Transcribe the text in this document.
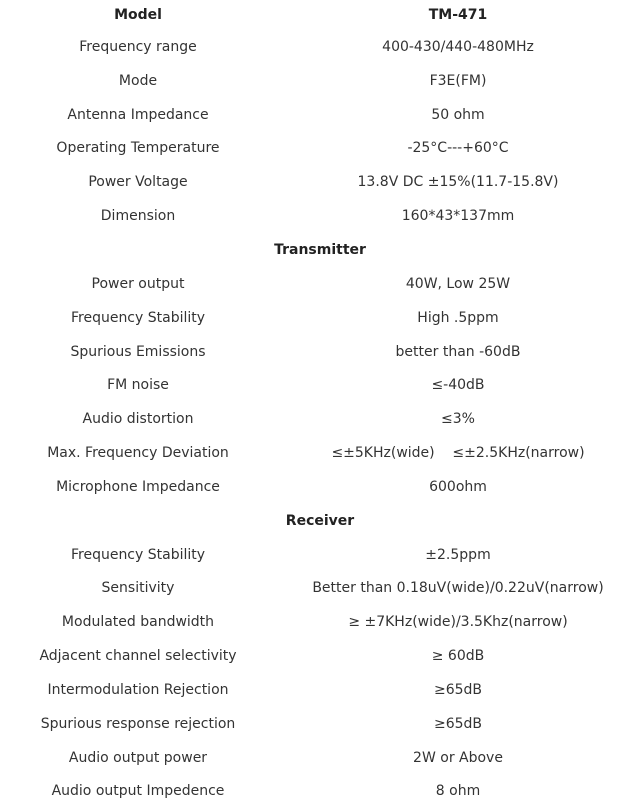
Model	TM-471
Frequency range	400-430/440-480MHz
Mode	F3E(FM)
Antenna Impedance	50 ohm
Operating Temperature	-25°C---+60°C
Power Voltage	13.8V DC ±15%(11.7-15.8V)
Dimension	160*43*137mm
Transmitter	
Power output	40W, Low 25W
Frequency Stability	High .5ppm
Spurious Emissions	better than -60dB
FM noise	≤-40dB
Audio distortion	≤3%
Max. Frequency Deviation	≤±5KHz(wide)    ≤±2.5KHz(narrow)
Microphone Impedance	600ohm
Receiver	
Frequency Stability	±2.5ppm
Sensitivity	Better than 0.18uV(wide)/0.22uV(narrow)
Modulated bandwidth	≥ ±7KHz(wide)/3.5Khz(narrow)
Adjacent channel selectivity	≥ 60dB
Intermodulation Rejection	≥65dB
Spurious response rejection	≥65dB
Audio output power	2W or Above
Audio output Impedence	8 ohm
